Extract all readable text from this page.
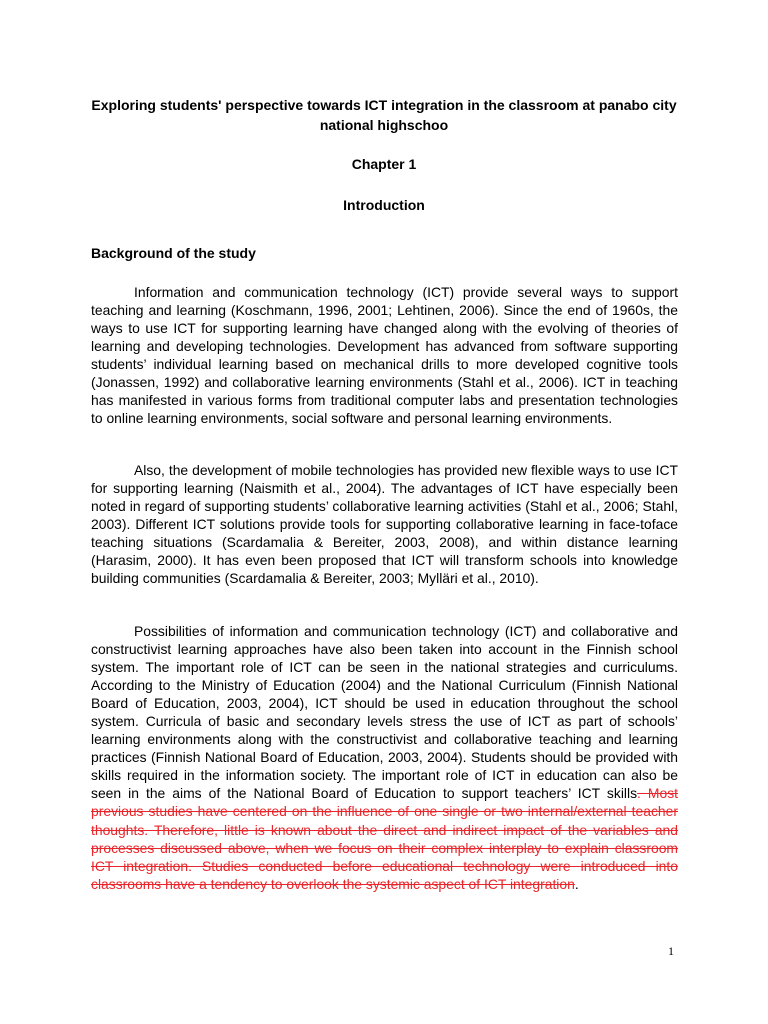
Exploring students' perspective towards ICT integration in the classroom at panabo city national highschoo
Chapter 1
Introduction
Background of the study

Information and communication technology (ICT) provide several ways to support teaching and learning (Koschmann, 1996, 2001; Lehtinen, 2006). Since the end of 1960s, the ways to use ICT for supporting learning have changed along with the evolving of theories of learning and developing technologies. Development has advanced from software supporting students’ individual learning based on mechanical drills to more developed cognitive tools (Jonassen, 1992) and collaborative learning environments (Stahl et al., 2006). ICT in teaching has manifested in various forms from traditional computer labs and presentation technologies to online learning environments, social software and personal learning environments.

Also, the development of mobile technologies has provided new flexible ways to use ICT for supporting learning (Naismith et al., 2004). The advantages of ICT have especially been noted in regard of supporting students’ collaborative learning activities (Stahl et al., 2006; Stahl, 2003). Different ICT solutions provide tools for supporting collaborative learning in face-toface teaching situations (Scardamalia & Bereiter, 2003, 2008), and within distance learning (Harasim, 2000). It has even been proposed that ICT will transform schools into knowledge building communities (Scardamalia & Bereiter, 2003; Mylläri et al., 2010).

Possibilities of information and communication technology (ICT) and collaborative and constructivist learning approaches have also been taken into account in the Finnish school system. The important role of ICT can be seen in the national strategies and curriculums. According to the Ministry of Education (2004) and the National Curriculum (Finnish National Board of Education, 2003, 2004), ICT should be used in education throughout the school system. Curricula of basic and secondary levels stress the use of ICT as part of schools’ learning environments along with the constructivist and collaborative teaching and learning practices (Finnish National Board of Education, 2003, 2004). Students should be provided with skills required in the information society. The important role of ICT in education can also be seen in the aims of the National Board of Education to support teachers’ ICT skills. Most previous studies have centered on the influence of one single or two internal/external teacher thoughts. Therefore, little is known about the direct and indirect impact of the variables and processes discussed above, when we focus on their complex interplay to explain classroom ICT integration. Studies conducted before educational technology were introduced into classrooms have a tendency to overlook the systemic aspect of ICT integration.

1
